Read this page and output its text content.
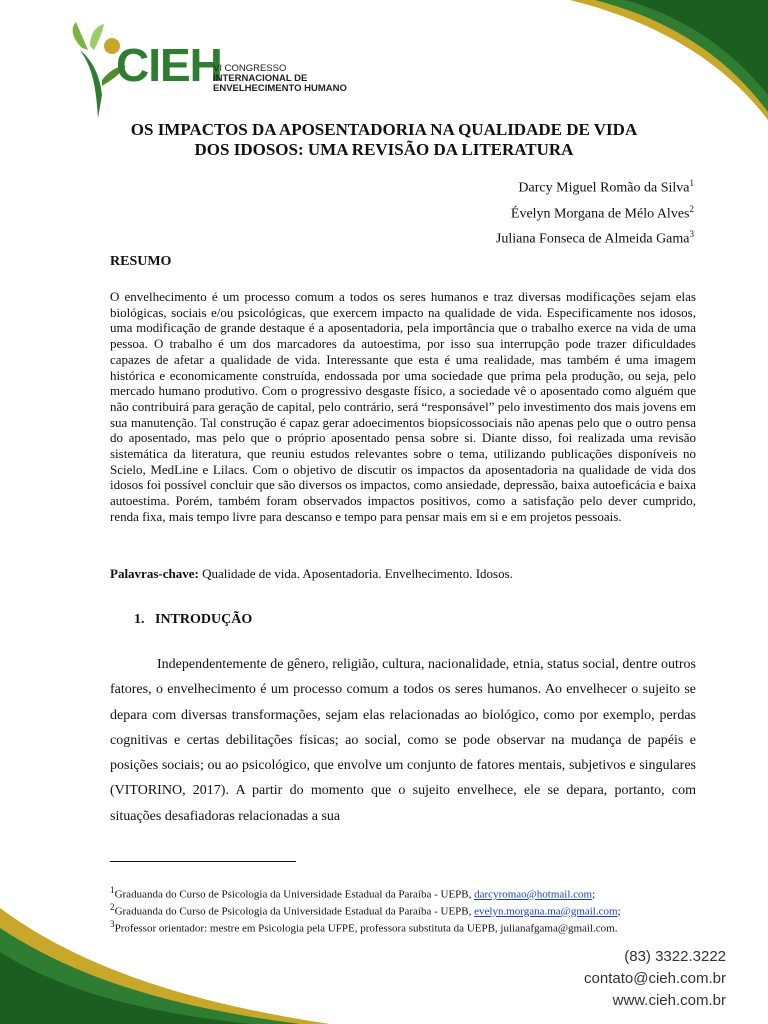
CIEH
VI CONGRESSO
INTERNACIONAL DE
ENVELHECIMENTO HUMANO
OS IMPACTOS DA APOSENTADORIA NA QUALIDADE DE VIDA
DOS IDOSOS: UMA REVISÃO DA LITERATURA
Darcy Miguel Romão da Silva$^1$
Évelyn Morgana de Mélo Alves$^2$
Juliana Fonseca de Almeida Gama$^3$
RESUMO
O envelhecimento é um processo comum a todos os seres humanos e traz diversas modificações sejam elas biológicas, sociais e/ou psicológicas, que exercem impacto na qualidade de vida. Especificamente nos idosos, uma modificação de grande destaque é a aposentadoria, pela importância que o trabalho exerce na vida de uma pessoa. O trabalho é um dos marcadores da autoestima, por isso sua interrupção pode trazer dificuldades capazes de afetar a qualidade de vida. Interessante que esta é uma realidade, mas também é uma imagem histórica e economicamente construída, endossada por uma sociedade que prima pela produção, ou seja, pelo mercado humano produtivo. Com o progressivo desgaste físico, a sociedade vê o aposentado como alguém que não contribuirá para geração de capital, pelo contrário, será “responsável” pelo investimento dos mais jovens em sua manutenção. Tal construção é capaz gerar adoecimentos biopsicossociais não apenas pelo que o outro pensa do aposentado, mas pelo que o próprio aposentado pensa sobre si. Diante disso, foi realizada uma revisão sistemática da literatura, que reuniu estudos relevantes sobre o tema, utilizando publicações disponíveis no Scielo, MedLine e Lilacs. Com o objetivo de discutir os impactos da aposentadoria na qualidade de vida dos idosos foi possível concluir que são diversos os impactos, como ansiedade, depressão, baixa autoeficácia e baixa autoestima. Porém, também foram observados impactos positivos, como a satisfação pelo dever cumprido, renda fixa, mais tempo livre para descanso e tempo para pensar mais em si e em projetos pessoais.
Palavras-chave: Qualidade de vida. Aposentadoria. Envelhecimento. Idosos.
1.   INTRODUÇÃO
Independentemente de gênero, religião, cultura, nacionalidade, etnia, status social, dentre outros fatores, o envelhecimento é um processo comum a todos os seres humanos. Ao envelhecer o sujeito se depara com diversas transformações, sejam elas relacionadas ao biológico, como por exemplo, perdas cognitivas e certas debilitações físicas; ao social, como se pode observar na mudança de papéis e posições sociais; ou ao psicológico, que envolve um conjunto de fatores mentais, subjetivos e singulares (VITORINO, 2017). A partir do momento que o sujeito envelhece, ele se depara, portanto, com situações desafiadoras relacionadas a sua
$^1$Graduanda do Curso de Psicologia da Universidade Estadual da Paraíba - UEPB, darcyromao@hotmail.com;
$^2$Graduanda do Curso de Psicologia da Universidade Estadual da Paraíba - UEPB, evelyn.morgana.ma@gmail.com;
$^3$Professor orientador: mestre em Psicologia pela UFPE, professora substituta da UEPB, julianafgama@gmail.com.
(83) 3322.3222
contato@cieh.com.br
www.cieh.com.br
